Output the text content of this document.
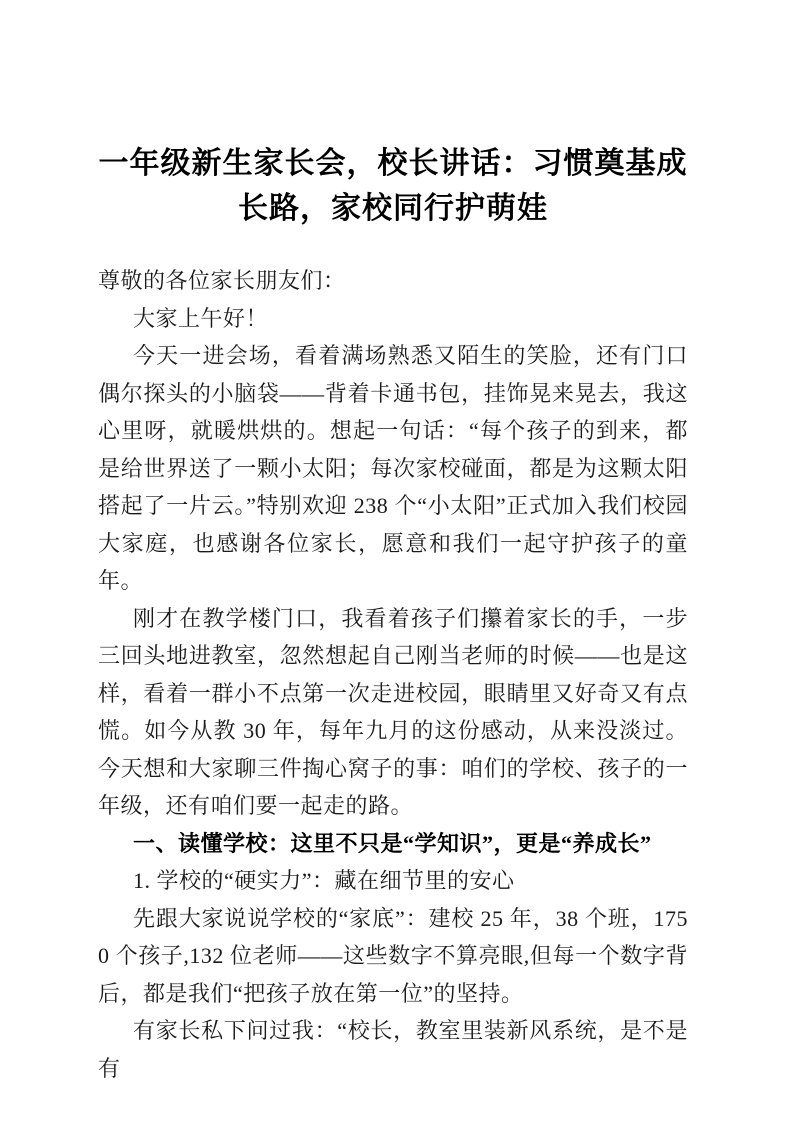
一年级新生家长会，校长讲话：习惯奠基成长路，家校同行护萌娃

尊敬的各位家长朋友们：

大家上午好！

今天一进会场，看着满场熟悉又陌生的笑脸，还有门口偶尔探头的小脑袋——背着卡通书包，挂饰晃来晃去，我这心里呀，就暖烘烘的。想起一句话：“每个孩子的到来，都是给世界送了一颗小太阳；每次家校碰面，都是为这颗太阳搭起了一片云。”特别欢迎 238 个“小太阳”正式加入我们校园大家庭，也感谢各位家长，愿意和我们一起守护孩子的童年。

刚才在教学楼门口，我看着孩子们攥着家长的手，一步三回头地进教室，忽然想起自己刚当老师的时候——也是这样，看着一群小不点第一次走进校园，眼睛里又好奇又有点慌。如今从教 30 年，每年九月的这份感动，从来没淡过。今天想和大家聊三件掏心窝子的事：咱们的学校、孩子的一年级，还有咱们要一起走的路。

一、读懂学校：这里不只是“学知识”，更是“养成长”

1. 学校的“硬实力”：藏在细节里的安心

先跟大家说说学校的“家底”：建校 25 年，38 个班，1750 个孩子,132 位老师——这些数字不算亮眼,但每一个数字背后，都是我们“把孩子放在第一位”的坚持。

有家长私下问过我：“校长，教室里装新风系统，是不是有
